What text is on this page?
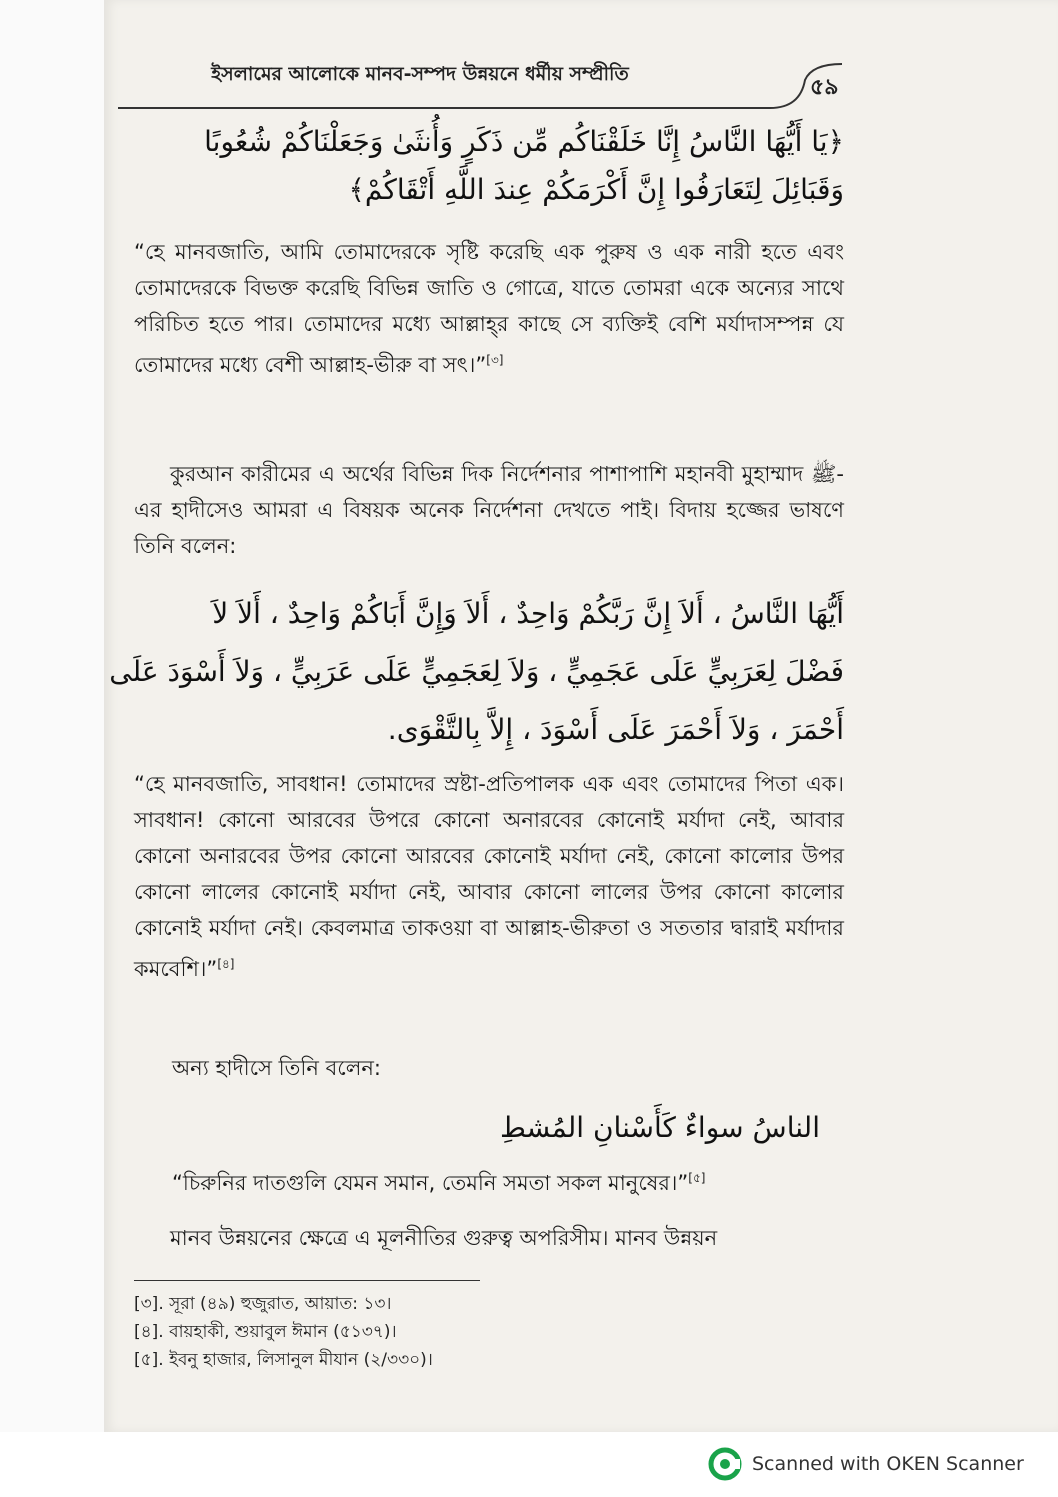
ইসলামের আলোকে মানব-সম্পদ উন্নয়নে ধর্মীয় সম্প্রীতি
৫৯
﴿يَا أَيُّهَا النَّاسُ إِنَّا خَلَقْنَاكُم مِّن ذَكَرٍ وَأُنثَىٰ وَجَعَلْنَاكُمْ شُعُوبًا
وَقَبَائِلَ لِتَعَارَفُوا إِنَّ أَكْرَمَكُمْ عِندَ اللَّهِ أَتْقَاكُمْ﴾
“হে মানবজাতি, আমি তোমাদেরকে সৃষ্টি করেছি এক পুরুষ ও এক নারী হতে এবং তোমাদেরকে বিভক্ত করেছি বিভিন্ন জাতি ও গোত্রে, যাতে তোমরা একে অন্যের সাথে পরিচিত হতে পার। তোমাদের মধ্যে আল্লাহ্‌র কাছে সে ব্যক্তিই বেশি মর্যাদাসম্পন্ন যে তোমাদের মধ্যে বেশী আল্লাহ-ভীরু বা সৎ।”[৩]
কুরআন কারীমের এ অর্থের বিভিন্ন দিক নির্দেশনার পাশাপাশি মহানবী মুহাম্মাদ ﷺ-এর হাদীসেও আমরা এ বিষয়ক অনেক নির্দেশনা দেখতে পাই। বিদায় হজ্জের ভাষণে তিনি বলেন:
أَيُّهَا النَّاسُ ، أَلاَ إِنَّ رَبَّكُمْ وَاحِدٌ ، أَلاَ وَإِنَّ أَبَاكُمْ وَاحِدٌ ، أَلاَ لاَ
فَضْلَ لِعَرَبِيٍّ عَلَى عَجَمِيٍّ ، وَلاَ لِعَجَمِيٍّ عَلَى عَرَبِيٍّ ، وَلاَ أَسْوَدَ عَلَى
أَحْمَرَ ، وَلاَ أَحْمَرَ عَلَى أَسْوَدَ ، إِلاَّ بِالتَّقْوَى.
“হে মানবজাতি, সাবধান! তোমাদের স্রষ্টা-প্রতিপালক এক এবং তোমাদের পিতা এক। সাবধান! কোনো আরবের উপরে কোনো অনারবের কোনোই মর্যাদা নেই, আবার কোনো অনারবের উপর কোনো আরবের কোনোই মর্যাদা নেই, কোনো কালোর উপর কোনো লালের কোনোই মর্যাদা নেই, আবার কোনো লালের উপর কোনো কালোর কোনোই মর্যাদা নেই। কেবলমাত্র তাকওয়া বা আল্লাহ-ভীরুতা ও সততার দ্বারাই মর্যাদার কমবেশি।”[৪]
অন্য হাদীসে তিনি বলেন:
الناسُ سواءٌ كَأَسْنانِ المُشطِ
“চিরুনির দাতগুলি যেমন সমান, তেমনি সমতা সকল মানুষের।”[৫]
মানব উন্নয়নের ক্ষেত্রে এ মূলনীতির গুরুত্ব অপরিসীম। মানব উন্নয়ন
[৩]. সূরা (৪৯) হুজুরাত, আয়াত: ১৩।
[৪]. বায়হাকী, শুয়াবুল ঈমান (৫১৩৭)।
[৫]. ইবনু হাজার, লিসানুল মীযান (২/৩৩০)।
Scanned with OKEN Scanner
